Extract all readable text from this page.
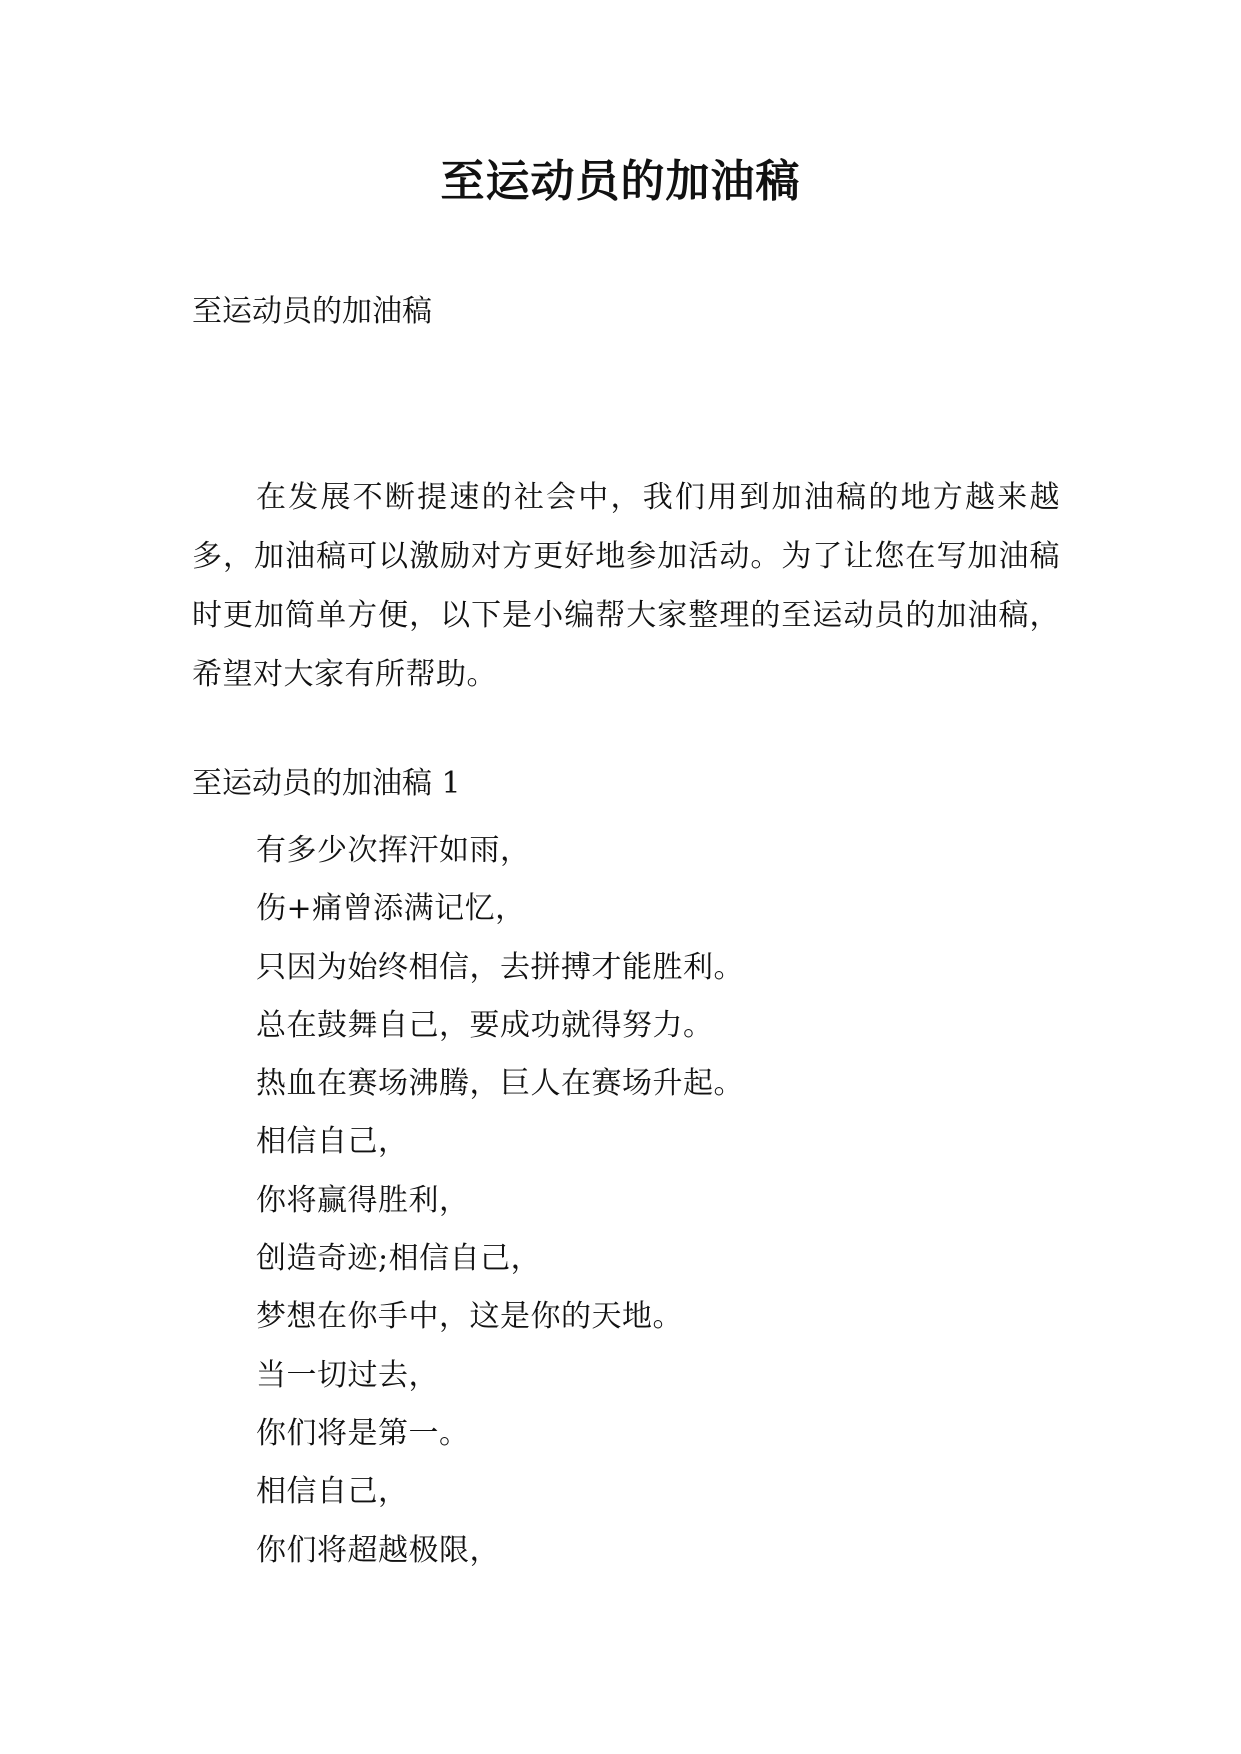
至运动员的加油稿

至运动员的加油稿

在发展不断提速的社会中，我们用到加油稿的地方越来越多，加油稿可以激励对方更好地参加活动。为了让您在写加油稿时更加简单方便，以下是小编帮大家整理的至运动员的加油稿，希望对大家有所帮助。

至运动员的加油稿 1

有多少次挥汗如雨，
伤+痛曾添满记忆，
只因为始终相信，去拼搏才能胜利。
总在鼓舞自己，要成功就得努力。
热血在赛场沸腾，巨人在赛场升起。
相信自己，
你将赢得胜利，
创造奇迹;相信自己，
梦想在你手中，这是你的天地。
当一切过去，
你们将是第一。
相信自己，
你们将超越极限，
